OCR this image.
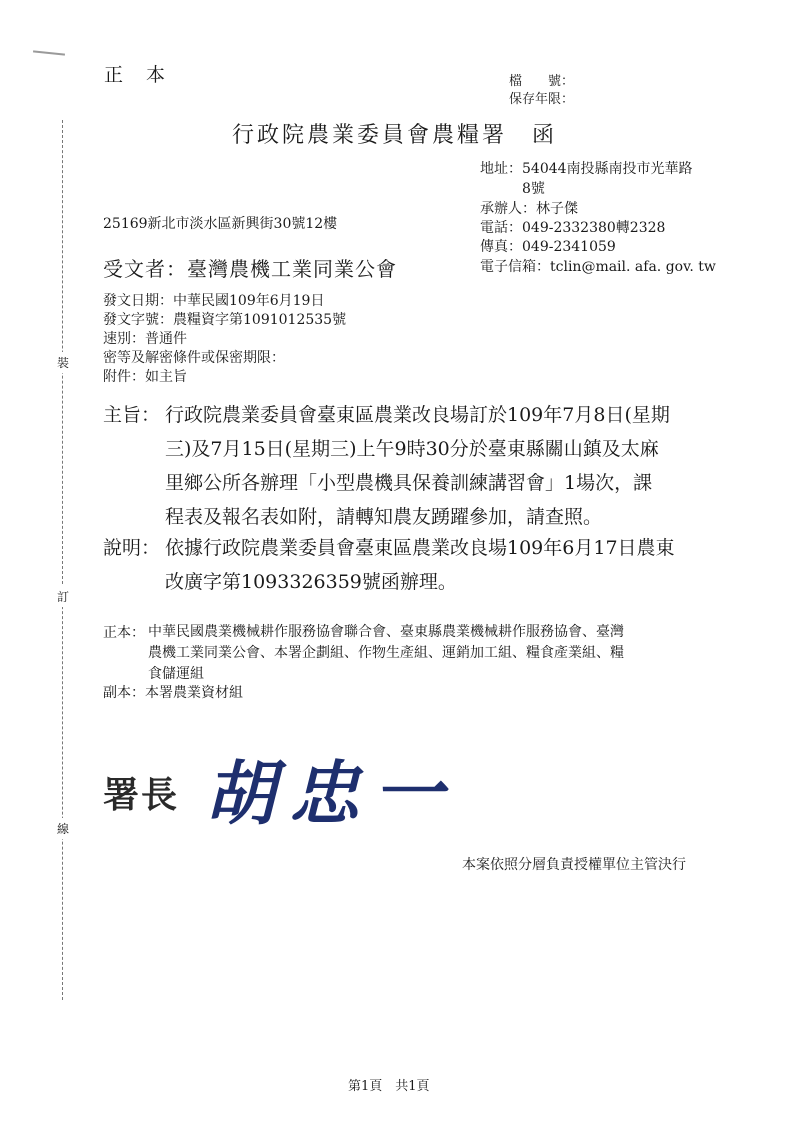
裝
訂
線
正　本	檔　　號：
保存年限：
行政院農業委員會農糧署　函
地址：54044南投縣南投市光華路
8號
承辦人：林子傑
電話：049-2332380轉2328
傳真：049-2341059
電子信箱：tclin@mail. afa. gov. tw
25169新北市淡水區新興街30號12樓
受文者：臺灣農機工業同業公會
發文日期：中華民國109年6月19日
發文字號：農糧資字第1091012535號
速別：普通件
密等及解密條件或保密期限：
附件：如主旨
主旨： 行政院農業委員會臺東區農業改良場訂於109年7月8日(星期
三)及7月15日(星期三)上午9時30分於臺東縣關山鎮及太麻
里鄉公所各辦理「小型農機具保養訓練講習會」1場次，課
程表及報名表如附，請轉知農友踴躍參加，請查照。
說明： 依據行政院農業委員會臺東區農業改良場109年6月17日農東
改廣字第1093326359號函辦理。
正本： 中華民國農業機械耕作服務協會聯合會、臺東縣農業機械耕作服務協會、臺灣
農機工業同業公會、本署企劃組、作物生產組、運銷加工組、糧食產業組、糧
食儲運組
副本：本署農業資材組
署長 胡忠一
本案依照分層負責授權單位主管決行
第1頁　共1頁
